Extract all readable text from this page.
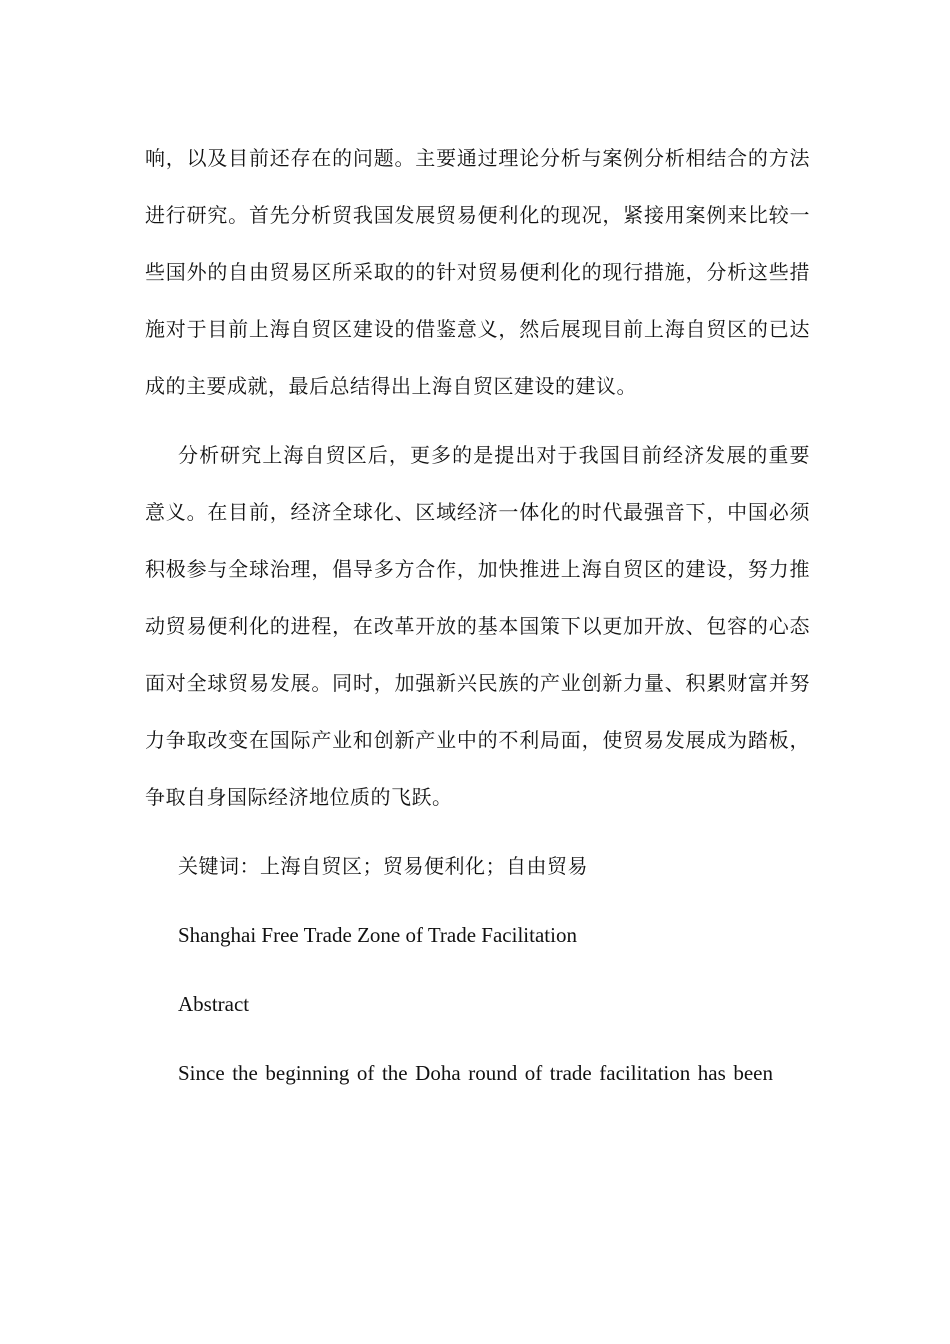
响，以及目前还存在的问题。主要通过理论分析与案例分析相结合的方法进行研究。首先分析贸我国发展贸易便利化的现况，紧接用案例来比较一些国外的自由贸易区所采取的的针对贸易便利化的现行措施，分析这些措施对于目前上海自贸区建设的借鉴意义，然后展现目前上海自贸区的已达成的主要成就，最后总结得出上海自贸区建设的建议。

分析研究上海自贸区后，更多的是提出对于我国目前经济发展的重要意义。在目前，经济全球化、区域经济一体化的时代最强音下，中国必须积极参与全球治理，倡导多方合作，加快推进上海自贸区的建设，努力推动贸易便利化的进程，在改革开放的基本国策下以更加开放、包容的心态面对全球贸易发展。同时，加强新兴民族的产业创新力量、积累财富并努力争取改变在国际产业和创新产业中的不利局面，使贸易发展成为踏板，争取自身国际经济地位质的飞跃。

关键词：上海自贸区；贸易便利化；自由贸易

Shanghai Free Trade Zone of Trade Facilitation

Abstract

Since the beginning of the Doha round of trade facilitation has been
